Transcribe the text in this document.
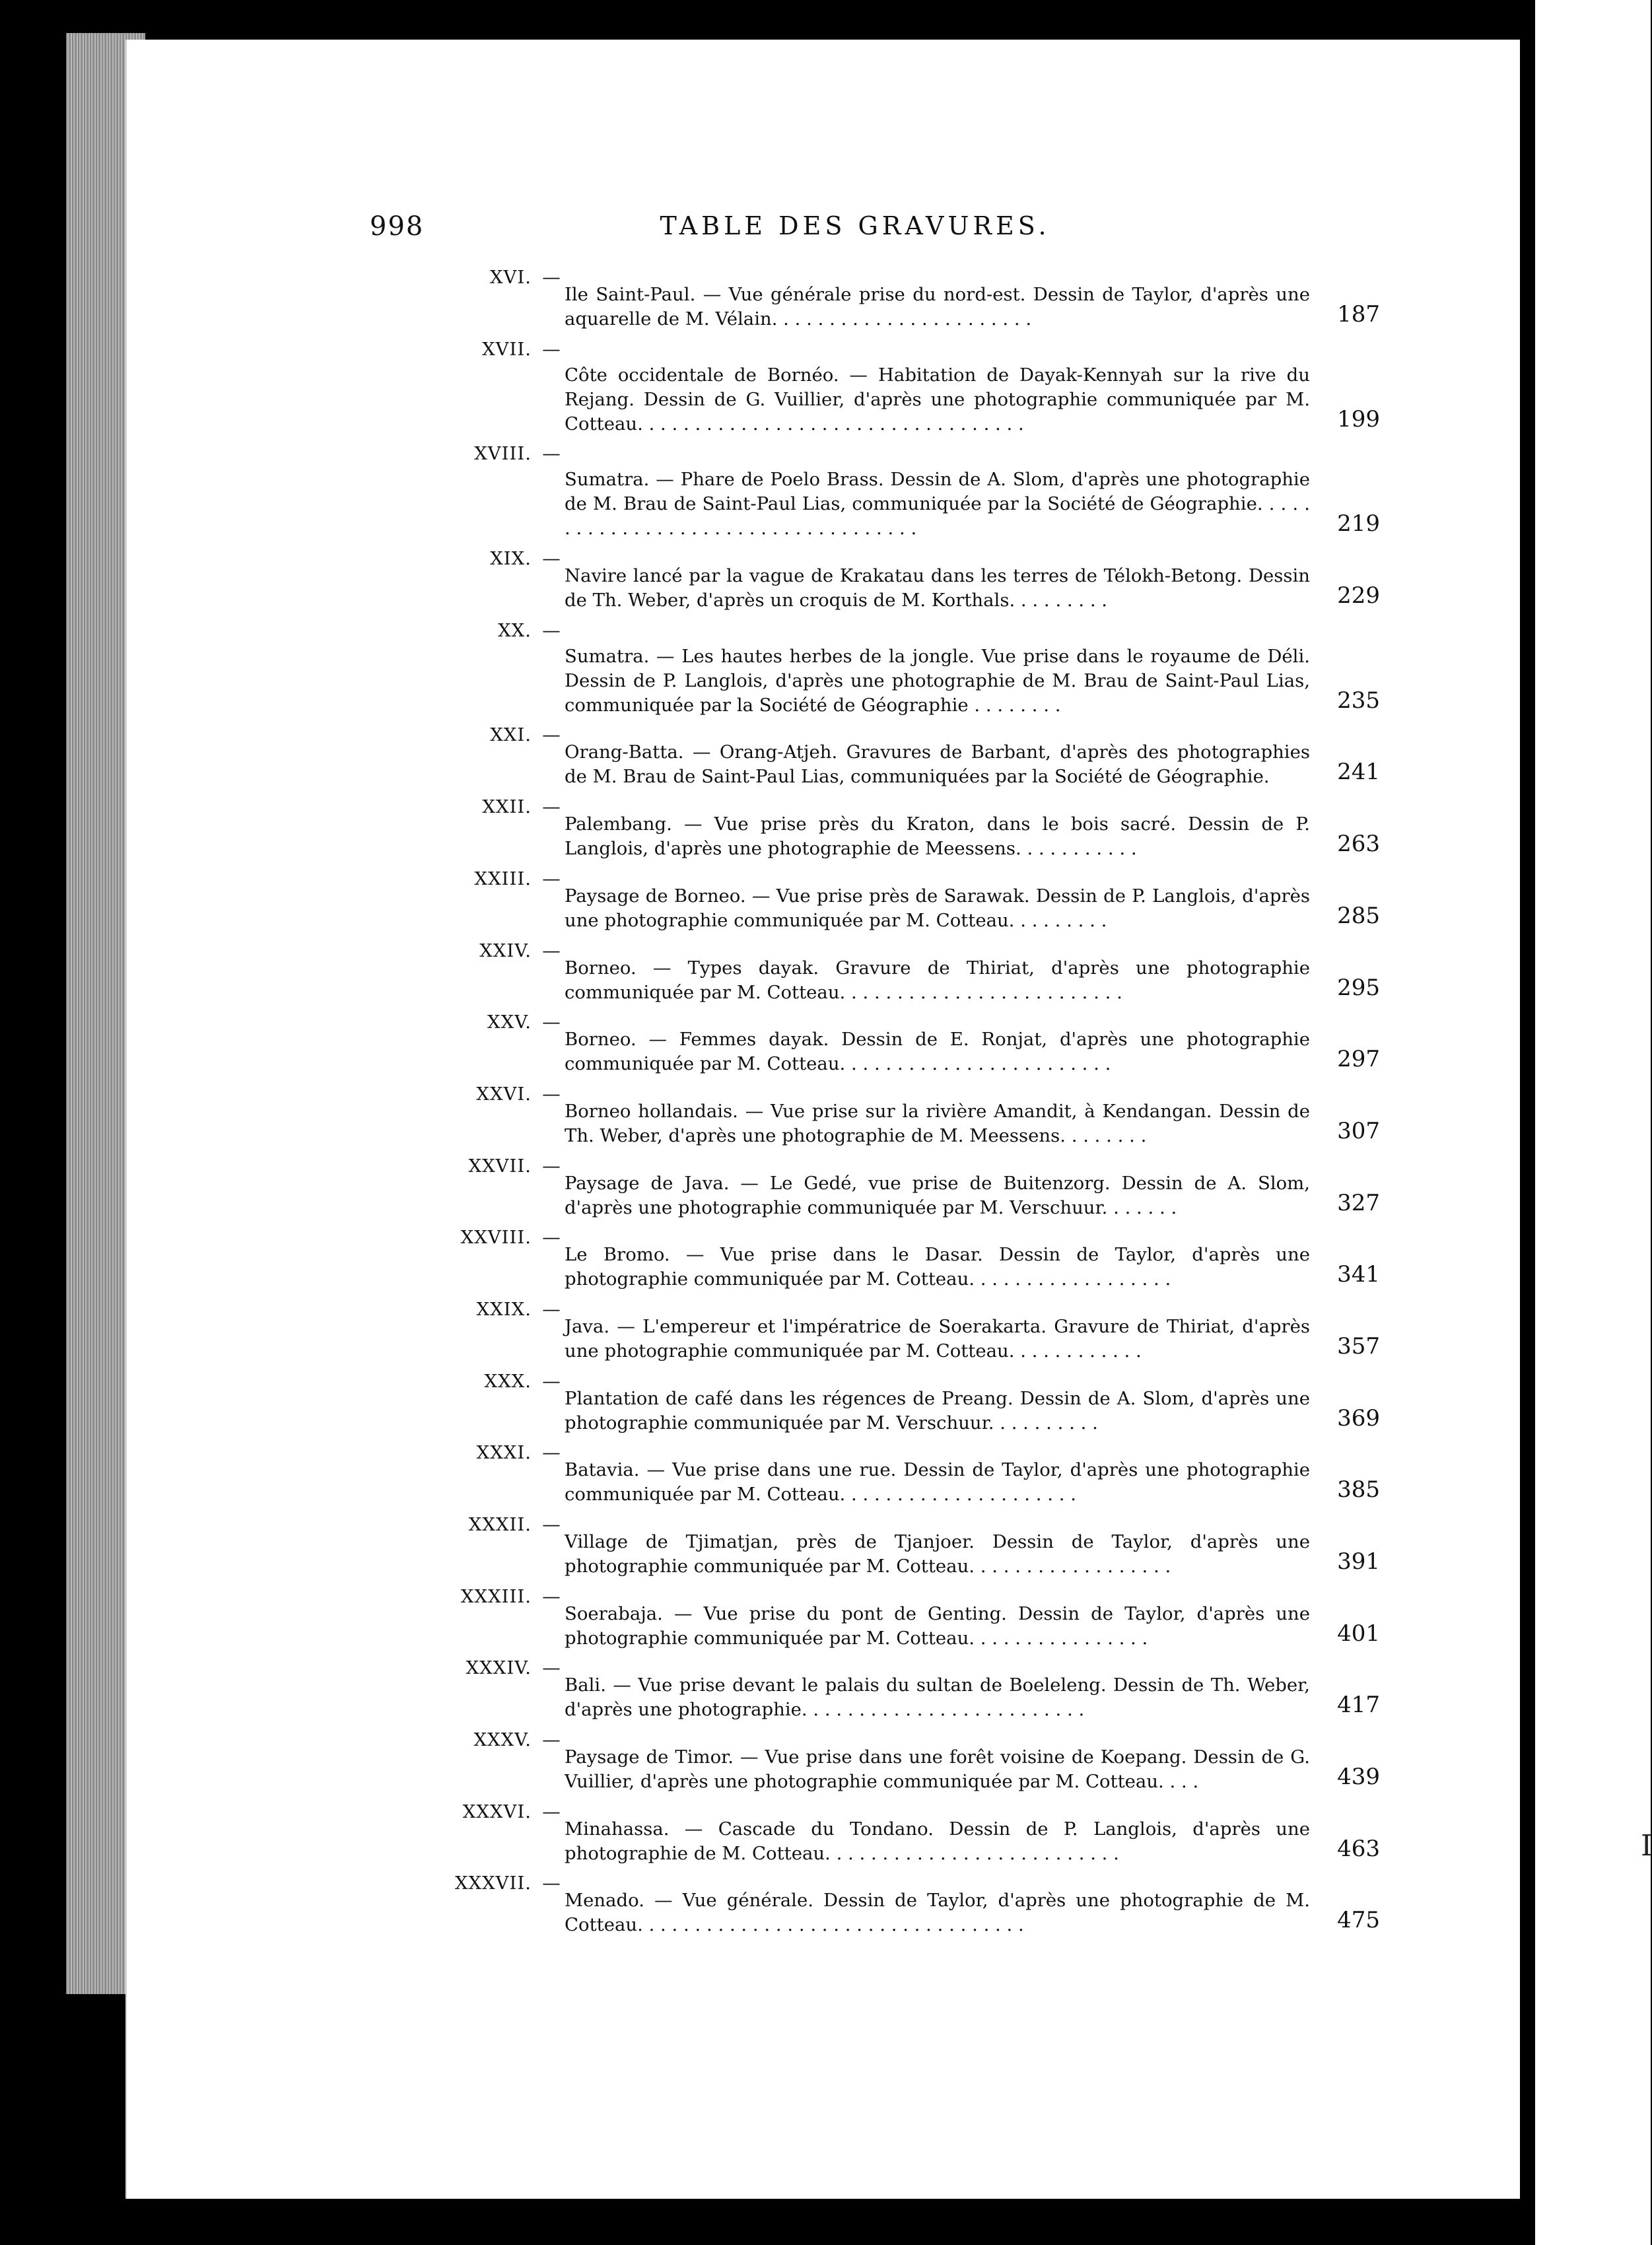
I
998	TABLE DES GRAVURES.
XVI. —
Ile Saint-Paul. — Vue générale prise du nord-est. Dessin de Taylor, d'après une aquarelle de M. Vélain. . . . . . . . . . . . . . . . . . . . . . .	187
XVII. —
Côte occidentale de Bornéo. — Habitation de Dayak-Kennyah sur la rive du Rejang. Dessin de G. Vuillier, d'après une photographie communiquée par M. Cotteau. . . . . . . . . . . . . . . . . . . . . . . . . . . . . . . . . .	199
XVIII. —
Sumatra. — Phare de Poelo Brass. Dessin de A. Slom, d'après une photographie de M. Brau de Saint-Paul Lias, communiquée par la Société de Géographie. . . . . . . . . . . . . . . . . . . . . . . . . . . . . . . . . . . .	219
XIX. —
Navire lancé par la vague de Krakatau dans les terres de Télokh-Betong. Dessin de Th. Weber, d'après un croquis de M. Korthals. . . . . . . . .	229
XX. —
Sumatra. — Les hautes herbes de la jongle. Vue prise dans le royaume de Déli. Dessin de P. Langlois, d'après une photographie de M. Brau de Saint-Paul Lias, communiquée par la Société de Géographie . . . . . . . .	235
XXI. —
Orang-Batta. — Orang-Atjeh. Gravures de Barbant, d'après des photographies de M. Brau de Saint-Paul Lias, communiquées par la Société de Géographie.	241
XXII. —
Palembang. — Vue prise près du Kraton, dans le bois sacré. Dessin de P. Langlois, d'après une photographie de Meessens. . . . . . . . . . .	263
XXIII. —
Paysage de Borneo. — Vue prise près de Sarawak. Dessin de P. Langlois, d'après une photographie communiquée par M. Cotteau. . . . . . . . .	285
XXIV. —
Borneo. — Types dayak. Gravure de Thiriat, d'après une photographie communiquée par M. Cotteau. . . . . . . . . . . . . . . . . . . . . . . . .	295
XXV. —
Borneo. — Femmes dayak. Dessin de E. Ronjat, d'après une photographie communiquée par M. Cotteau. . . . . . . . . . . . . . . . . . . . . . . .	297
XXVI. —
Borneo hollandais. — Vue prise sur la rivière Amandit, à Kendangan. Dessin de Th. Weber, d'après une photographie de M. Meessens. . . . . . . .	307
XXVII. —
Paysage de Java. — Le Gedé, vue prise de Buitenzorg. Dessin de A. Slom, d'après une photographie communiquée par M. Verschuur. . . . . . .	327
XXVIII. —
Le Bromo. — Vue prise dans le Dasar. Dessin de Taylor, d'après une photographie communiquée par M. Cotteau. . . . . . . . . . . . . . . . . .	341
XXIX. —
Java. — L'empereur et l'impératrice de Soerakarta. Gravure de Thiriat, d'après une photographie communiquée par M. Cotteau. . . . . . . . . . . .	357
XXX. —
Plantation de café dans les régences de Preang. Dessin de A. Slom, d'après une photographie communiquée par M. Verschuur. . . . . . . . . .	369
XXXI. —
Batavia. — Vue prise dans une rue. Dessin de Taylor, d'après une photographie communiquée par M. Cotteau. . . . . . . . . . . . . . . . . . . . .	385
XXXII. —
Village de Tjimatjan, près de Tjanjoer. Dessin de Taylor, d'après une photographie communiquée par M. Cotteau. . . . . . . . . . . . . . . . . .	391
XXXIII. —
Soerabaja. — Vue prise du pont de Genting. Dessin de Taylor, d'après une photographie communiquée par M. Cotteau. . . . . . . . . . . . . . . .	401
XXXIV. —
Bali. — Vue prise devant le palais du sultan de Boeleleng. Dessin de Th. Weber, d'après une photographie. . . . . . . . . . . . . . . . . . . . . . . . .	417
XXXV. —
Paysage de Timor. — Vue prise dans une forêt voisine de Koepang. Dessin de G. Vuillier, d'après une photographie communiquée par M. Cotteau. . . .	439
XXXVI. —
Minahassa. — Cascade du Tondano. Dessin de P. Langlois, d'après une photographie de M. Cotteau. . . . . . . . . . . . . . . . . . . . . . . . . .	463
XXXVII. —
Menado. — Vue générale. Dessin de Taylor, d'après une photographie de M. Cotteau. . . . . . . . . . . . . . . . . . . . . . . . . . . . . . . . . .	475
